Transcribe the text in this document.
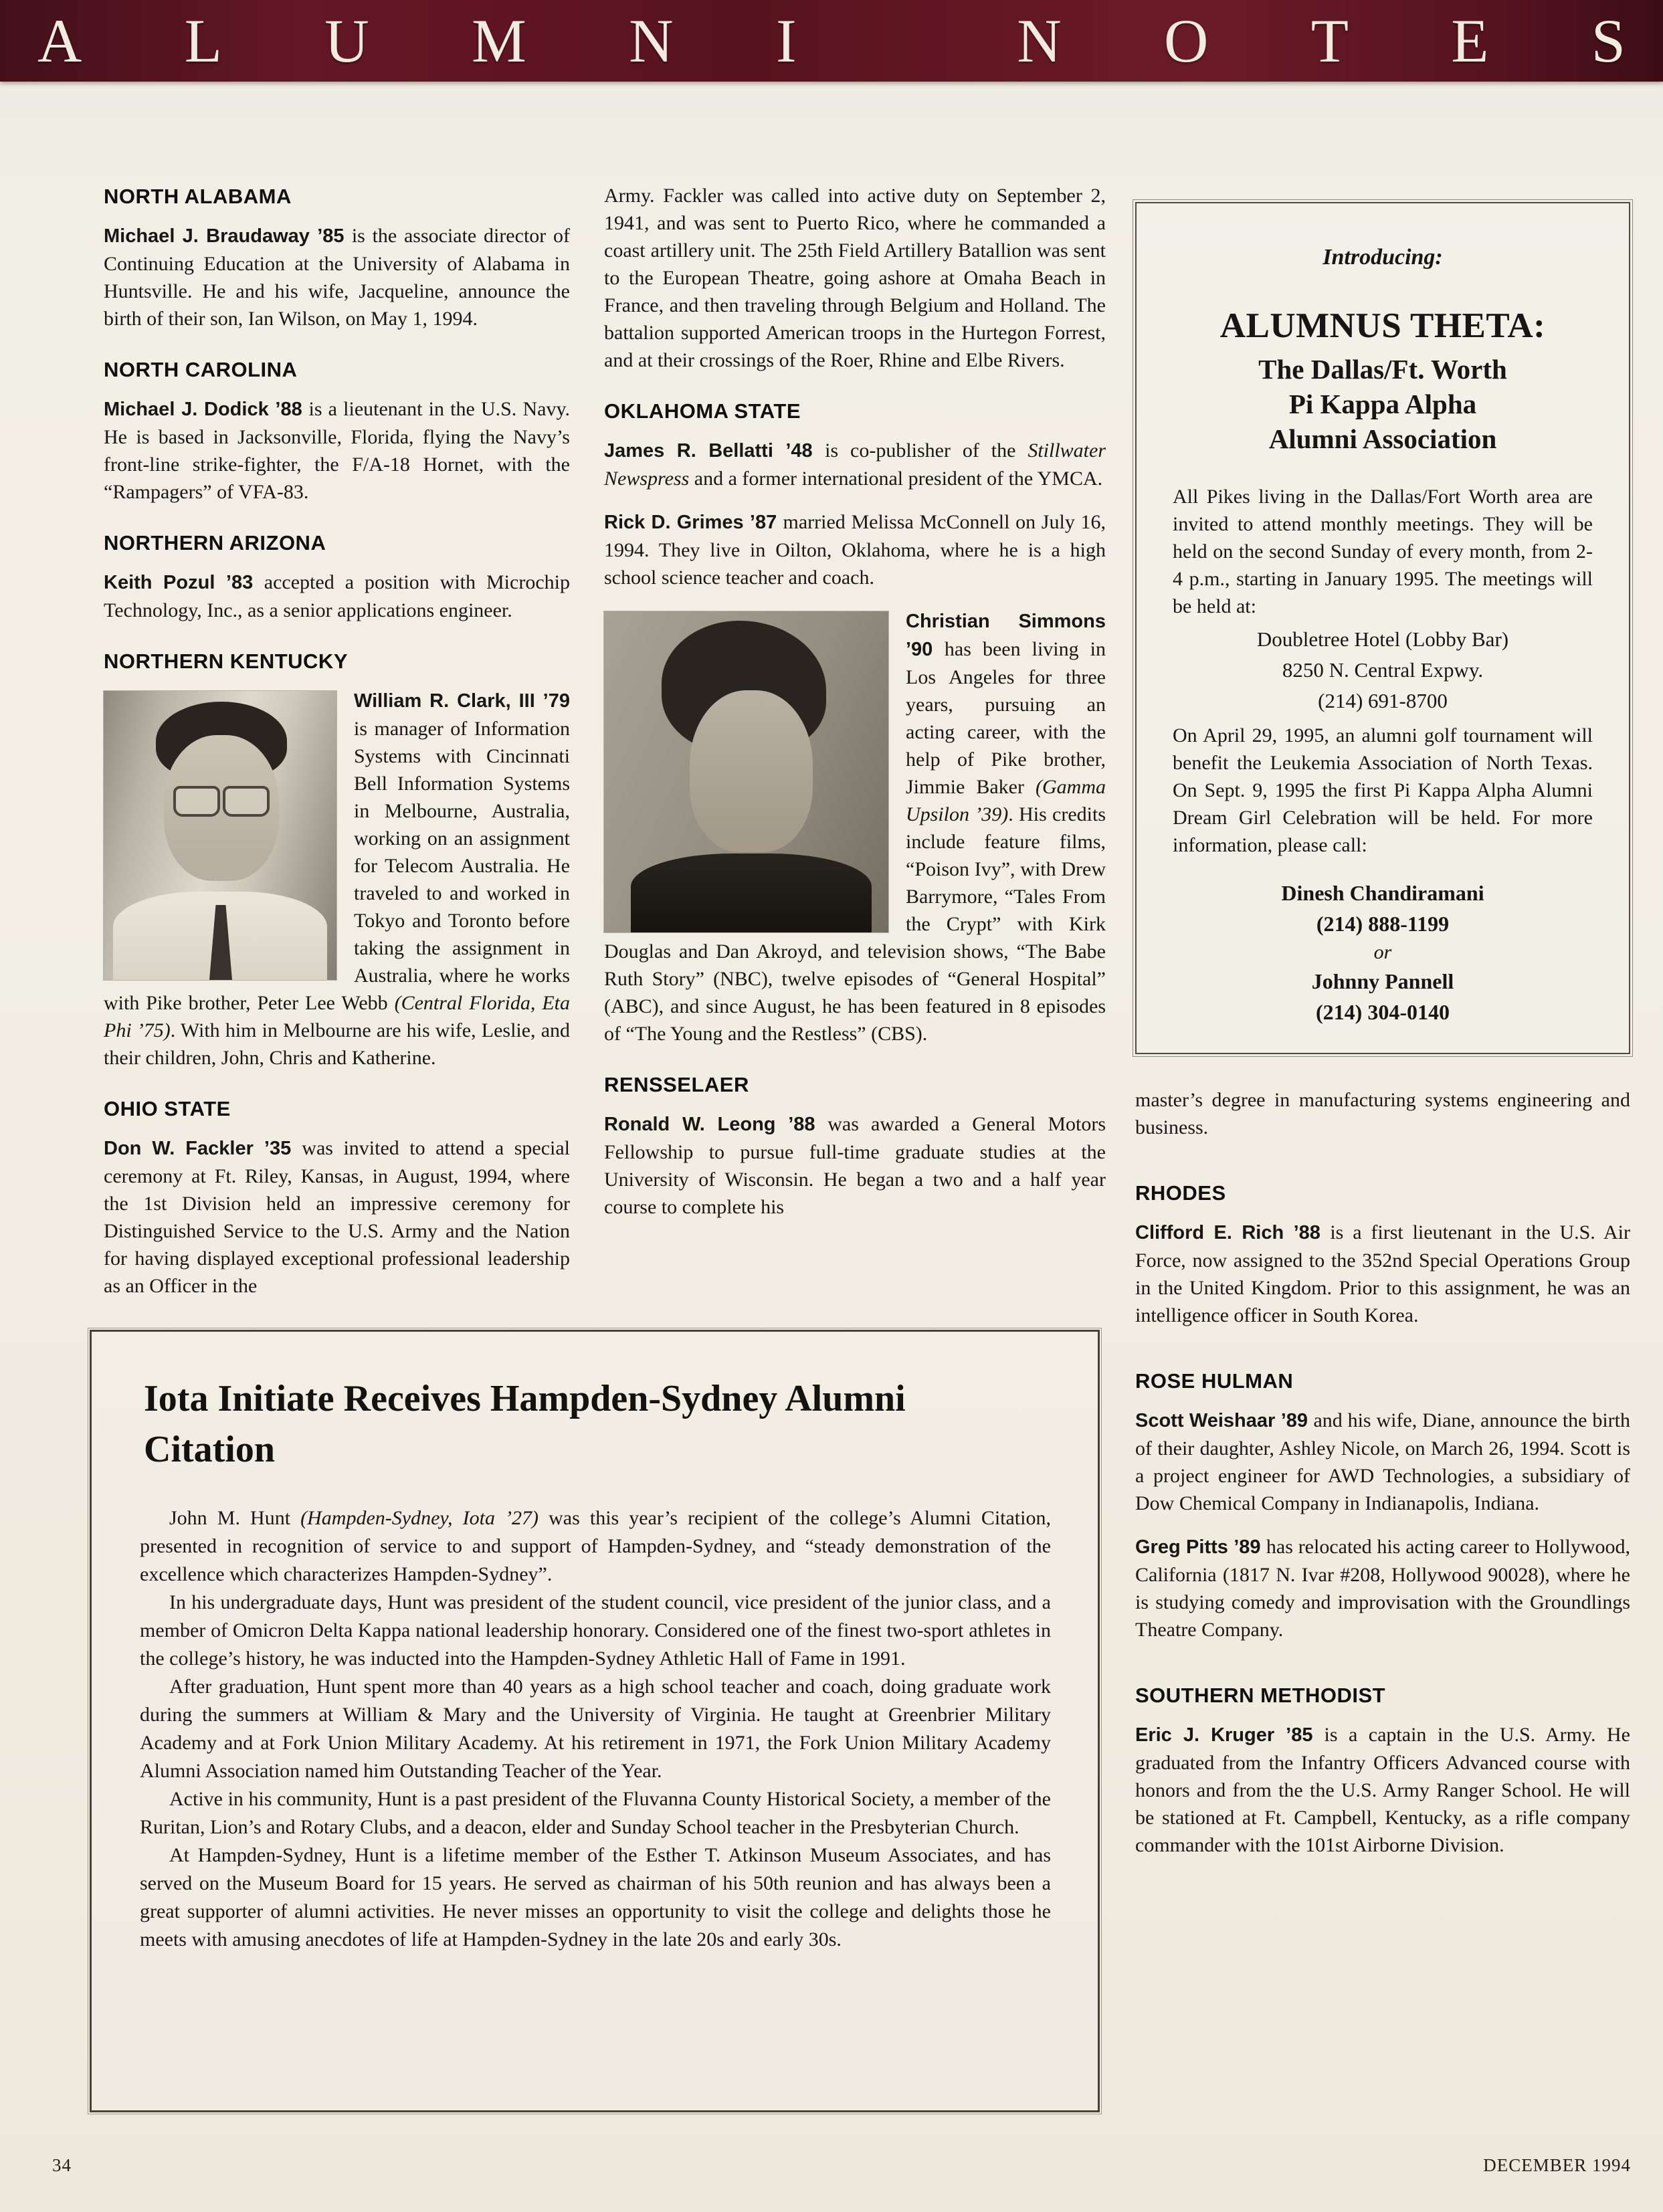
A L U M N I
	N O T E S
NORTH ALABAMA

Michael J. Braudaway ’85 is the associate director of Continuing Education at the University of Alabama in Huntsville. He and his wife, Jacqueline, announce the birth of their son, Ian Wilson, on May 1, 1994.

NORTH CAROLINA

Michael J. Dodick ’88 is a lieutenant in the U.S. Navy. He is based in Jacksonville, Florida, flying the Navy’s front-line strike-fighter, the F/A-18 Hornet, with the “Rampagers” of VFA-83.

NORTHERN ARIZONA

Keith Pozul ’83 accepted a position with Microchip Technology, Inc., as a senior applications engineer.

NORTHERN KENTUCKY

William R. Clark, III ’79 is manager of Information Systems with Cincinnati Bell Information Systems in Melbourne, Australia, working on an assignment for Telecom Australia. He traveled to and worked in Tokyo and Toronto before taking the assignment in Australia, where he works with Pike brother, Peter Lee Webb (Central Florida, Eta Phi ’75). With him in Melbourne are his wife, Leslie, and their children, John, Chris and Katherine.

OHIO STATE

Don W. Fackler ’35 was invited to attend a special ceremony at Ft. Riley, Kansas, in August, 1994, where the 1st Division held an impressive ceremony for Distinguished Service to the U.S. Army and the Nation for having displayed exceptional professional leadership as an Officer in the

Army. Fackler was called into active duty on September 2, 1941, and was sent to Puerto Rico, where he commanded a coast artillery unit. The 25th Field Artillery Batallion was sent to the European Theatre, going ashore at Omaha Beach in France, and then traveling through Belgium and Holland. The battalion supported American troops in the Hurtegon Forrest, and at their crossings of the Roer, Rhine and Elbe Rivers.

OKLAHOMA STATE

James R. Bellatti ’48 is co-publisher of the Stillwater Newspress and a former international president of the YMCA.

Rick D. Grimes ’87 married Melissa McConnell on July 16, 1994. They live in Oilton, Oklahoma, where he is a high school science teacher and coach.

Christian Simmons ’90 has been living in Los Angeles for three years, pursuing an acting career, with the help of Pike brother, Jimmie Baker (Gamma Upsilon ’39). His credits include feature films, “Poison Ivy”, with Drew Barrymore, “Tales From the Crypt” with Kirk Douglas and Dan Akroyd, and television shows, “The Babe Ruth Story” (NBC), twelve episodes of “General Hospital” (ABC), and since August, he has been featured in 8 episodes of “The Young and the Restless” (CBS).

RENSSELAER

Ronald W. Leong ’88 was awarded a General Motors Fellowship to pursue full-time graduate studies at the University of Wisconsin. He began a two and a half year course to complete his

Introducing:

ALUMNUS THETA:
The Dallas/Ft. Worth
Pi Kappa Alpha
Alumni Association

All Pikes living in the Dallas/Fort Worth area are invited to attend monthly meetings. They will be held on the second Sunday of every month, from 2-4 p.m., starting in January 1995. The meetings will be held at:

Doubletree Hotel (Lobby Bar)
8250 N. Central Expwy.
(214) 691-8700

On April 29, 1995, an alumni golf tournament will benefit the Leukemia Association of North Texas. On Sept. 9, 1995 the first Pi Kappa Alpha Alumni Dream Girl Celebration will be held. For more information, please call:

Dinesh Chandiramani
(214) 888-1199
or
Johnny Pannell
(214) 304-0140

master’s degree in manufacturing systems engineering and business.

RHODES

Clifford E. Rich ’88 is a first lieutenant in the U.S. Air Force, now assigned to the 352nd Special Operations Group in the United Kingdom. Prior to this assignment, he was an intelligence officer in South Korea.

ROSE HULMAN

Scott Weishaar ’89 and his wife, Diane, announce the birth of their daughter, Ashley Nicole, on March 26, 1994. Scott is a project engineer for AWD Technologies, a subsidiary of Dow Chemical Company in Indianapolis, Indiana.

Greg Pitts ’89 has relocated his acting career to Hollywood, California (1817 N. Ivar #208, Hollywood 90028), where he is studying comedy and improvisation with the Groundlings Theatre Company.

SOUTHERN METHODIST

Eric J. Kruger ’85 is a captain in the U.S. Army. He graduated from the Infantry Officers Advanced course with honors and from the the U.S. Army Ranger School. He will be stationed at Ft. Campbell, Kentucky, as a rifle company commander with the 101st Airborne Division.

Iota Initiate Receives Hampden-Sydney Alumni Citation

John M. Hunt (Hampden-Sydney, Iota ’27) was this year’s recipient of the college’s Alumni Citation, presented in recognition of service to and support of Hampden-Sydney, and “steady demonstration of the excellence which characterizes Hampden-Sydney”.

In his undergraduate days, Hunt was president of the student council, vice president of the junior class, and a member of Omicron Delta Kappa national leadership honorary. Considered one of the finest two-sport athletes in the college’s history, he was inducted into the Hampden-Sydney Athletic Hall of Fame in 1991.

After graduation, Hunt spent more than 40 years as a high school teacher and coach, doing graduate work during the summers at William & Mary and the University of Virginia. He taught at Greenbrier Military Academy and at Fork Union Military Academy. At his retirement in 1971, the Fork Union Military Academy Alumni Association named him Outstanding Teacher of the Year.

Active in his community, Hunt is a past president of the Fluvanna County Historical Society, a member of the Ruritan, Lion’s and Rotary Clubs, and a deacon, elder and Sunday School teacher in the Presbyterian Church.

At Hampden-Sydney, Hunt is a lifetime member of the Esther T. Atkinson Museum Associates, and has served on the Museum Board for 15 years. He served as chairman of his 50th reunion and has always been a great supporter of alumni activities. He never misses an opportunity to visit the college and delights those he meets with amusing anecdotes of life at Hampden-Sydney in the late 20s and early 30s.

34	DECEMBER 1994
